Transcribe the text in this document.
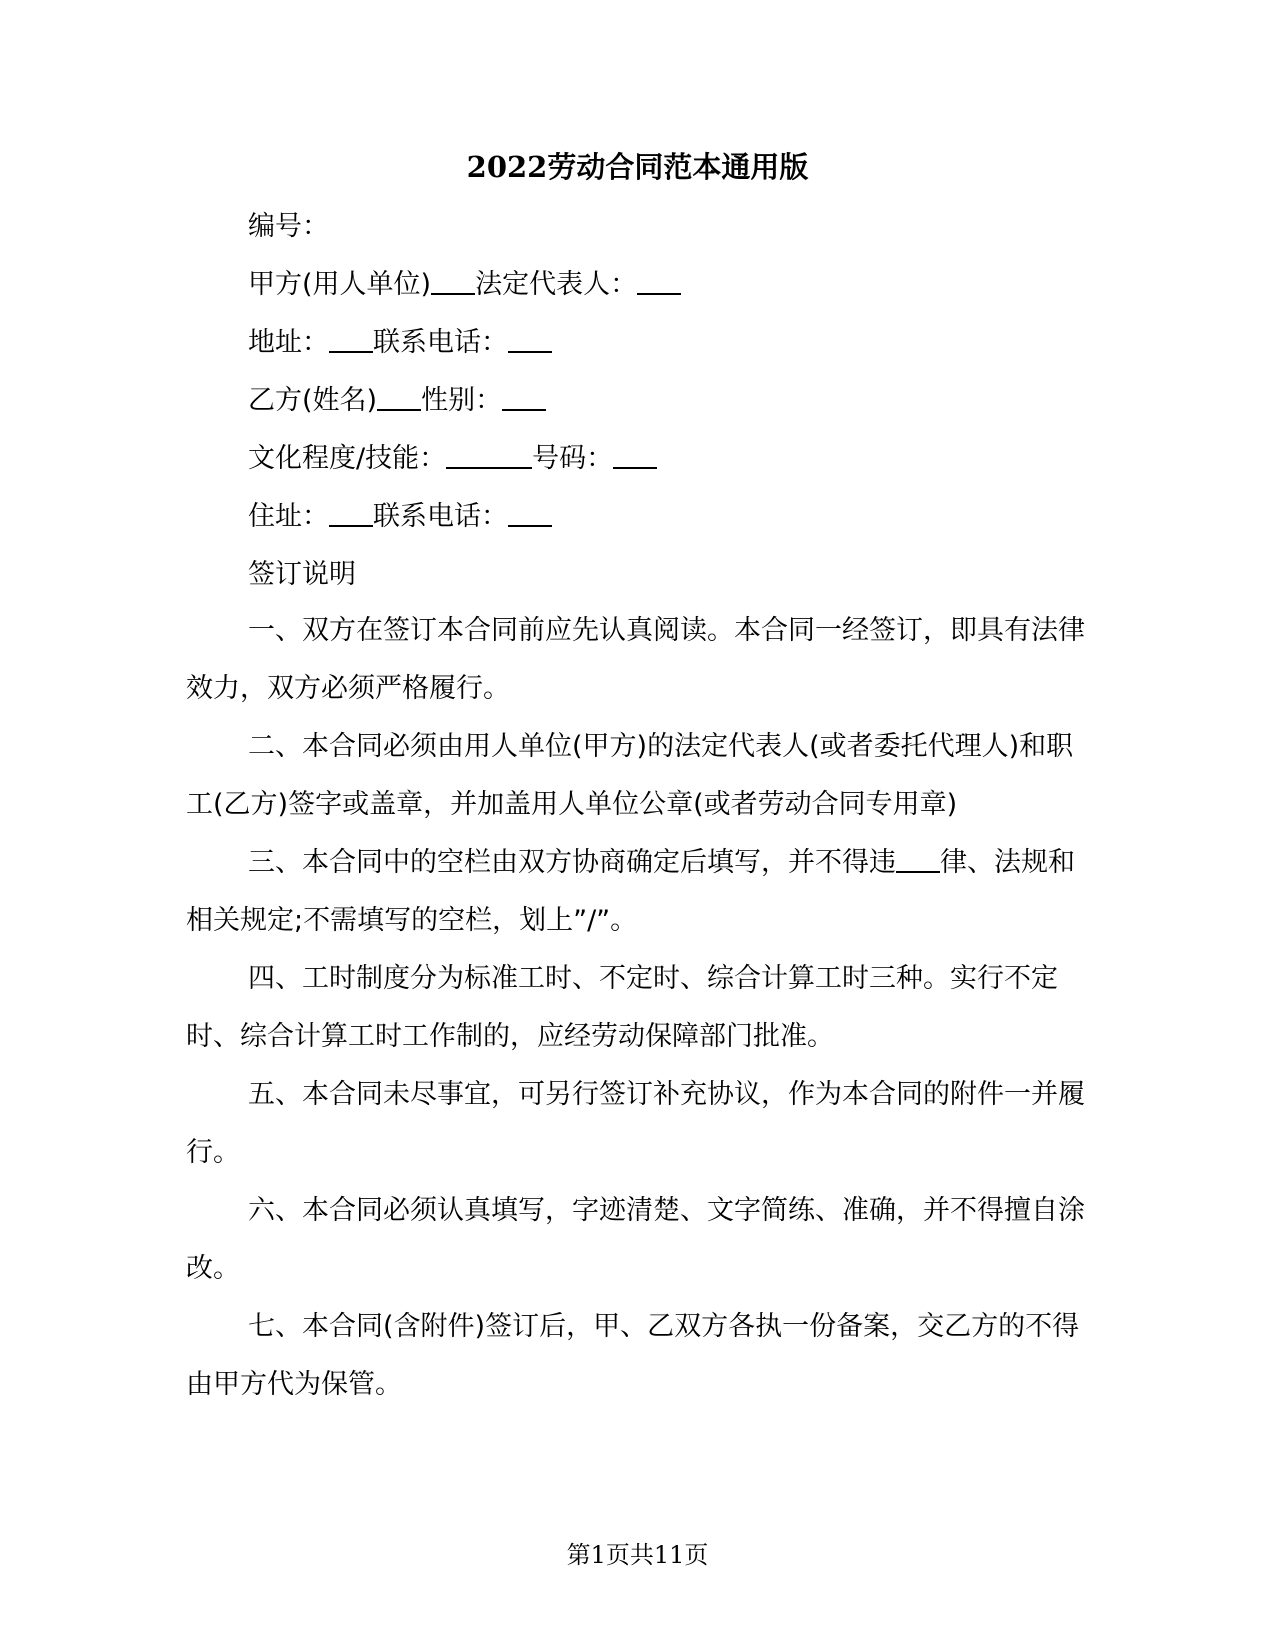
2022劳动合同范本通用版
编号：
甲方(用人单位) 法定代表人：
地址： 联系电话：
乙方(姓名) 性别：
文化程度/技能：	号码：
住址： 联系电话：
签订说明

一、双方在签订本合同前应先认真阅读。本合同一经签订，即具有法律效力，双方必须严格履行。

二、本合同必须由用人单位(甲方)的法定代表人(或者委托代理人)和职工(乙方)签字或盖章，并加盖用人单位公章(或者劳动合同专用章)

三、本合同中的空栏由双方协商确定后填写，并不得违 律、法规和相关规定;不需填写的空栏，划上”/”。

四、工时制度分为标准工时、不定时、综合计算工时三种。实行不定时、综合计算工时工作制的，应经劳动保障部门批准。

五、本合同未尽事宜，可另行签订补充协议，作为本合同的附件一并履行。

六、本合同必须认真填写，字迹清楚、文字简练、准确，并不得擅自涂改。

七、本合同(含附件)签订后，甲、乙双方各执一份备案，交乙方的不得由甲方代为保管。

第1页共11页
